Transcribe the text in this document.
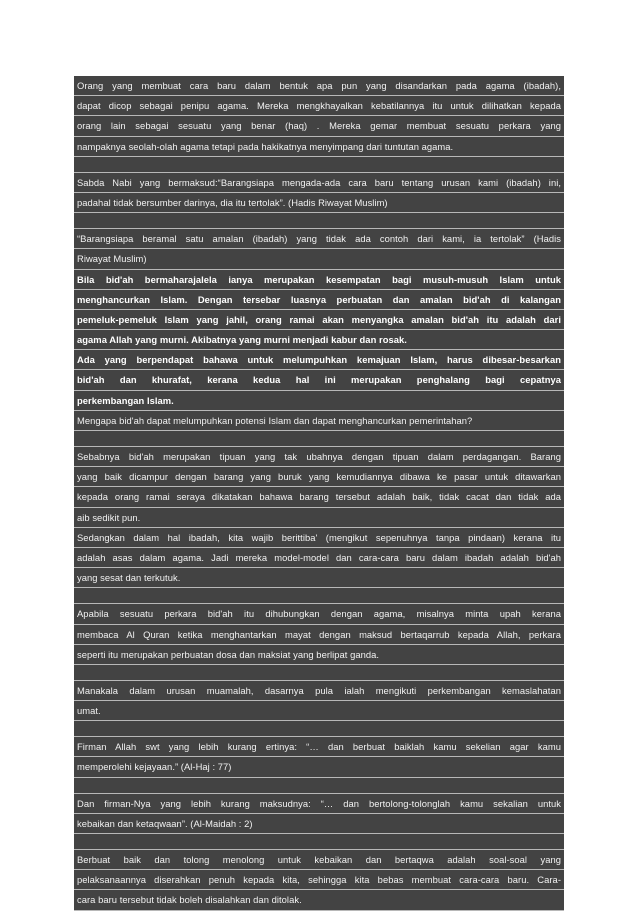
Orang yang membuat cara baru dalam bentuk apa pun yang disandarkan pada agama (ibadah),
dapat dicop sebagai penipu agama. Mereka mengkhayalkan kebatilannya itu untuk dilihatkan kepada
orang lain sebagai sesuatu yang benar (haq) . Mereka gemar membuat sesuatu perkara yang
nampaknya seolah-olah agama tetapi pada hakikatnya menyimpang dari tuntutan agama.
Sabda Nabi yang bermaksud:“Barangsiapa mengada-ada cara baru tentang urusan kami (ibadah) ini,
padahal tidak bersumber darinya, dia itu tertolak”. (Hadis Riwayat Muslim)
“Barangsiapa beramal satu amalan (ibadah) yang tidak ada contoh dari kami, ia tertolak” (Hadis
Riwayat Muslim)
Bila bid'ah bermaharajalela ianya merupakan kesempatan bagi musuh-musuh Islam untuk
menghancurkan Islam. Dengan tersebar luasnya perbuatan dan amalan bid'ah di kalangan
pemeluk-pemeluk Islam yang jahil, orang ramai akan menyangka amalan bid'ah itu adalah dari
agama Allah yang murni. Akibatnya yang murni menjadi kabur dan rosak.
Ada yang berpendapat bahawa untuk melumpuhkan kemajuan Islam, harus dibesar-besarkan
bid'ah dan khurafat, kerana kedua hal ini merupakan penghalang bagi cepatnya
perkembangan Islam.
Mengapa bid'ah dapat melumpuhkan potensi Islam dan dapat menghancurkan pemerintahan?
Sebabnya bid'ah merupakan tipuan yang tak ubahnya dengan tipuan dalam perdagangan. Barang
yang baik dicampur dengan barang yang buruk yang kemudiannya dibawa ke pasar untuk ditawarkan
kepada orang ramai seraya dikatakan bahawa barang tersebut adalah baik, tidak cacat dan tidak ada
aib sedikit pun.
Sedangkan dalam hal ibadah, kita wajib berittiba' (mengikut sepenuhnya tanpa pindaan) kerana itu
adalah asas dalam agama. Jadi mereka model-model dan cara-cara baru dalam ibadah adalah bid'ah
yang sesat dan terkutuk.
Apabila sesuatu perkara bid'ah itu dihubungkan dengan agama, misalnya minta upah kerana
membaca Al Quran ketika menghantarkan mayat dengan maksud bertaqarrub kepada Allah, perkara
seperti itu merupakan perbuatan dosa dan maksiat yang berlipat ganda.
Manakala dalam urusan muamalah, dasarnya pula ialah mengikuti perkembangan kemaslahatan
umat.
Firman Allah swt yang lebih kurang ertinya: “… dan berbuat baiklah kamu sekelian agar kamu
memperolehi kejayaan.” (Al-Haj : 77)
Dan firman-Nya yang lebih kurang maksudnya: “… dan bertolong-tolonglah kamu sekalian untuk
kebaikan dan ketaqwaan”. (Al-Maidah : 2)
Berbuat baik dan tolong menolong untuk kebaikan dan bertaqwa adalah soal-soal yang
pelaksanaannya diserahkan penuh kepada kita, sehingga kita bebas membuat cara-cara baru. Cara-
cara baru tersebut tidak boleh disalahkan dan ditolak.
